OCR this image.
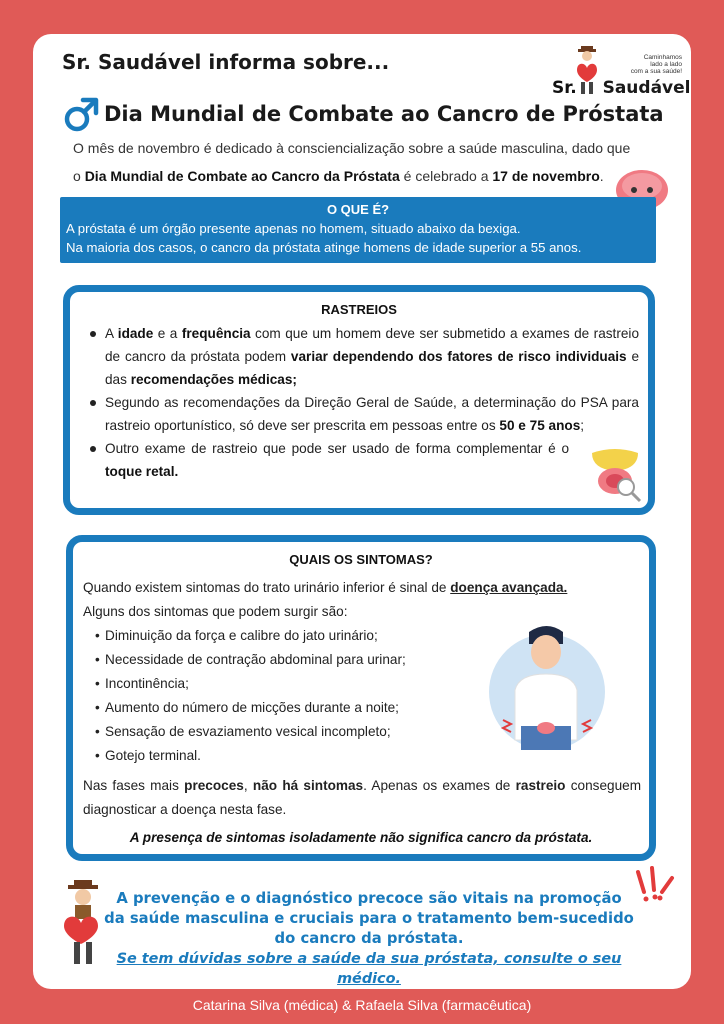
Sr. Saudável informa sobre...	Caminhamos
lado a lado
com a sua saúde!
Sr. Saudável
Dia Mundial de Combate ao Cancro de Próstata
O mês de novembro é dedicado à consciencialização sobre a saúde masculina, dado que o Dia Mundial de Combate ao Cancro da Próstata é celebrado a 17 de novembro.
O QUE É?
A próstata é um órgão presente apenas no homem, situado abaixo da bexiga.
Na maioria dos casos, o cancro da próstata atinge homens de idade superior a 55 anos.
RASTREIOS
A idade e a frequência com que um homem deve ser submetido a exames de rastreio de cancro da próstata podem variar dependendo dos fatores de risco individuais e das recomendações médicas;
Segundo as recomendações da Direção Geral de Saúde, a determinação do PSA para rastreio oportunístico, só deve ser prescrita em pessoas entre os 50 e 75 anos;
Outro exame de rastreio que pode ser usado de forma complementar é o toque retal.
QUAIS OS SINTOMAS?
Quando existem sintomas do trato urinário inferior é sinal de doença avançada.
Alguns dos sintomas que podem surgir são:
• Diminuição da força e calibre do jato urinário;
• Necessidade de contração abdominal para urinar;
• Incontinência;
• Aumento do número de micções durante a noite;
• Sensação de esvaziamento vesical incompleto;
• Gotejo terminal.
Nas fases mais precoces, não há sintomas. Apenas os exames de rastreio conseguem diagnosticar a doença nesta fase.
A presença de sintomas isoladamente não significa cancro da próstata.
A prevenção e o diagnóstico precoce são vitais na promoção da saúde masculina e cruciais para o tratamento bem-sucedido do cancro da próstata.
Se tem dúvidas sobre a saúde da sua próstata, consulte o seu médico.
Catarina Silva (médica) & Rafaela Silva (farmacêutica)
